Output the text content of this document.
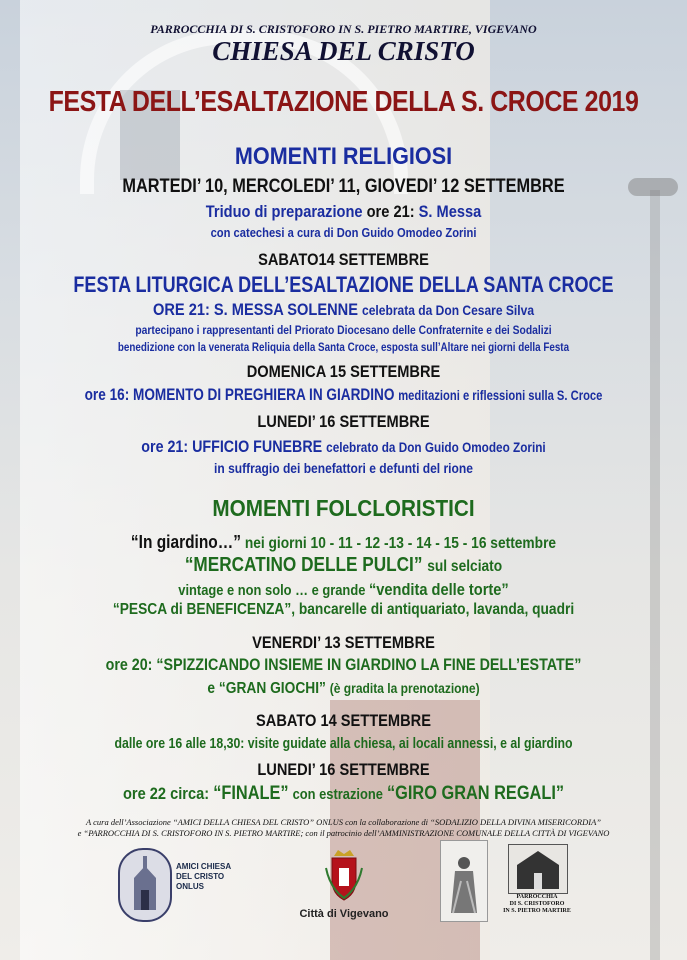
PARROCCHIA DI S. CRISTOFORO IN S. PIETRO MARTIRE, VIGEVANO
CHIESA DEL CRISTO
FESTA DELL’ESALTAZIONE DELLA S. CROCE 2019
MOMENTI RELIGIOSI
MARTEDI’ 10, MERCOLEDI’ 11, GIOVEDI’ 12 SETTEMBRE
Triduo di preparazione ore 21: S. Messa
con catechesi a cura di Don Guido Omodeo Zorini
SABATO14 SETTEMBRE
FESTA LITURGICA DELL’ESALTAZIONE DELLA SANTA CROCE
ORE 21: S. MESSA SOLENNE celebrata da Don Cesare Silva
partecipano i rappresentanti del Priorato Diocesano delle Confraternite e dei Sodalizi
benedizione con la venerata Reliquia della Santa Croce, esposta sull’Altare nei giorni della Festa
DOMENICA 15 SETTEMBRE
ore 16: MOMENTO DI PREGHIERA IN GIARDINO meditazioni e riflessioni sulla S. Croce
LUNEDI’ 16 SETTEMBRE
ore 21: UFFICIO FUNEBRE celebrato da Don Guido Omodeo Zorini
in suffragio dei benefattori e defunti del rione
MOMENTI FOLCLORISTICI
“In giardino…” nei giorni 10 - 11 - 12 -13 - 14 - 15 - 16 settembre
“MERCATINO DELLE PULCI” sul selciato
vintage e non solo … e grande “vendita delle torte”
“PESCA di BENEFICENZA”, bancarelle di antiquariato, lavanda, quadri
VENERDI’ 13 SETTEMBRE
ore 20: “SPIZZICANDO INSIEME IN GIARDINO LA FINE DELL’ESTATE”
e “GRAN GIOCHI” (è gradita la prenotazione)
SABATO 14 SETTEMBRE
dalle ore 16 alle 18,30: visite guidate alla chiesa, ai locali annessi, e al giardino
LUNEDI’ 16 SETTEMBRE
ore 22 circa: “FINALE” con estrazione “GIRO GRAN REGALI”
A cura dell’Associazione “AMICI DELLA CHIESA DEL CRISTO” ONLUS con la collaborazione di “SODALIZIO DELLA DIVINA MISERICORDIA”
e “PARROCCHIA DI S. CRISTOFORO IN S. PIETRO MARTIRE; con il patrocinio dell’AMMINISTRAZIONE COMUNALE DELLA CITTÀ DI VIGEVANO
AMICI CHIESA
DEL CRISTO
ONLUS
Città di Vigevano
PARROCCHIA
DI S. CRISTOFORO
IN S. PIETRO MARTIRE
